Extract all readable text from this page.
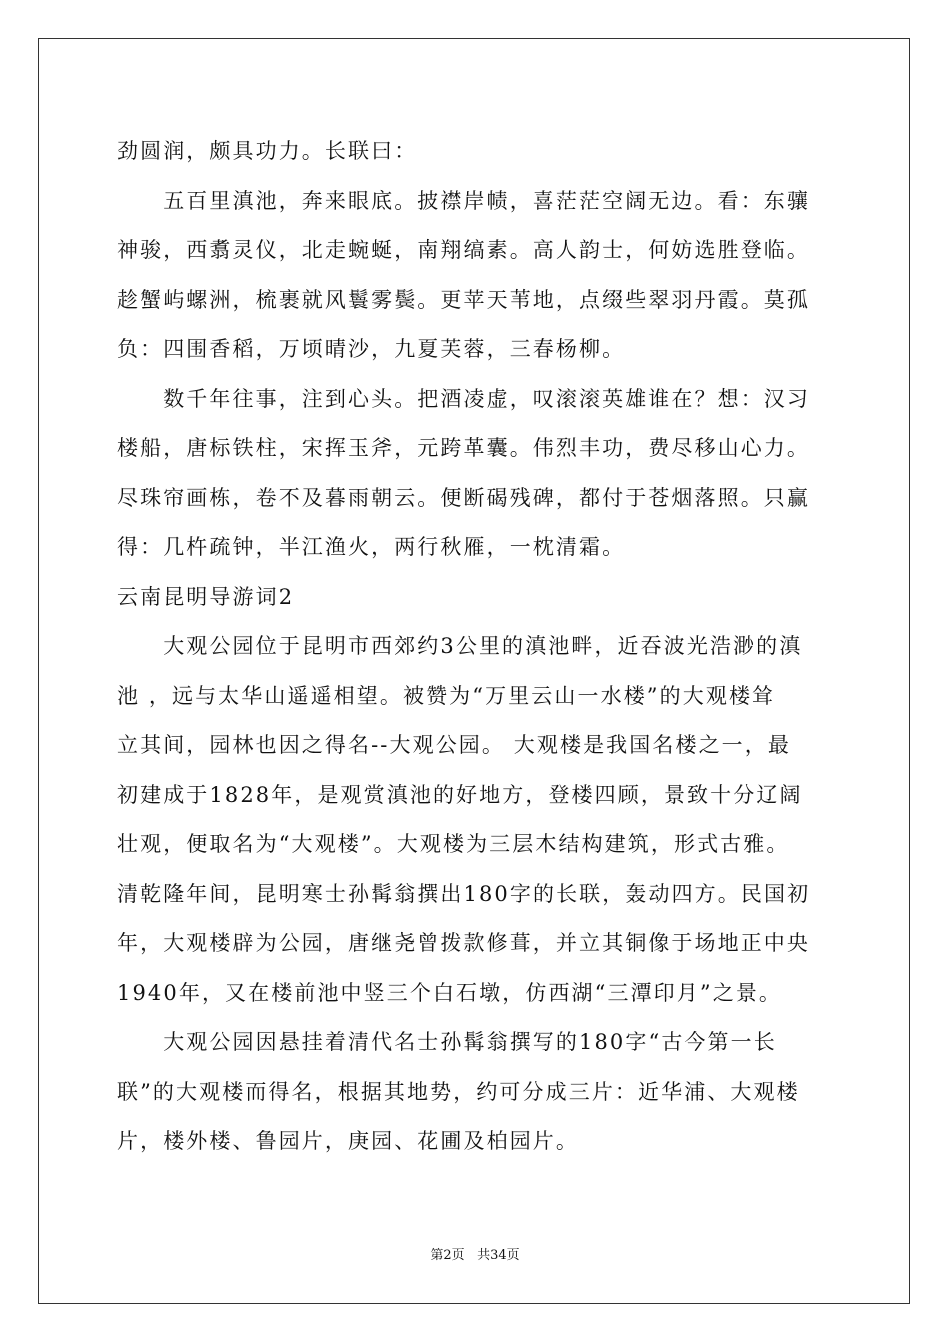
劲圆润，颇具功力。长联曰：
　　五百里滇池，奔来眼底。披襟岸帻，喜茫茫空阔无边。看：东骧
神骏，西翥灵仪，北走蜿蜒，南翔缟素。高人韵士，何妨选胜登临。
趁蟹屿螺洲，梳裹就风鬟雾鬓。更苹天苇地，点缀些翠羽丹霞。莫孤
负：四围香稻，万顷晴沙，九夏芙蓉，三春杨柳。
　　数千年往事，注到心头。把酒凌虚，叹滚滚英雄谁在？想：汉习
楼船，唐标铁柱，宋挥玉斧，元跨革囊。伟烈丰功，费尽移山心力。
尽珠帘画栋，卷不及暮雨朝云。便断碣残碑，都付于苍烟落照。只赢
得：几杵疏钟，半江渔火，两行秋雁，一枕清霜。
云南昆明导游词2
　　大观公园位于昆明市西郊约3公里的滇池畔，近吞波光浩渺的滇
池 ，远与太华山遥遥相望。被赞为“万里云山一水楼”的大观楼耸
立其间，园林也因之得名--大观公园。 大观楼是我国名楼之一，最
初建成于1828年，是观赏滇池的好地方，登楼四顾，景致十分辽阔
壮观，便取名为“大观楼”。大观楼为三层木结构建筑，形式古雅。
清乾隆年间，昆明寒士孙髯翁撰出180字的长联，轰动四方。民国初
年，大观楼辟为公园，唐继尧曾拨款修葺，并立其铜像于场地正中央
1940年，又在楼前池中竖三个白石墩，仿西湖“三潭印月”之景。
　　大观公园因悬挂着清代名士孙髯翁撰写的180字“古今第一长
联”的大观楼而得名，根据其地势，约可分成三片：近华浦、大观楼
片，楼外楼、鲁园片，庚园、花圃及柏园片。
第2页 共34页
